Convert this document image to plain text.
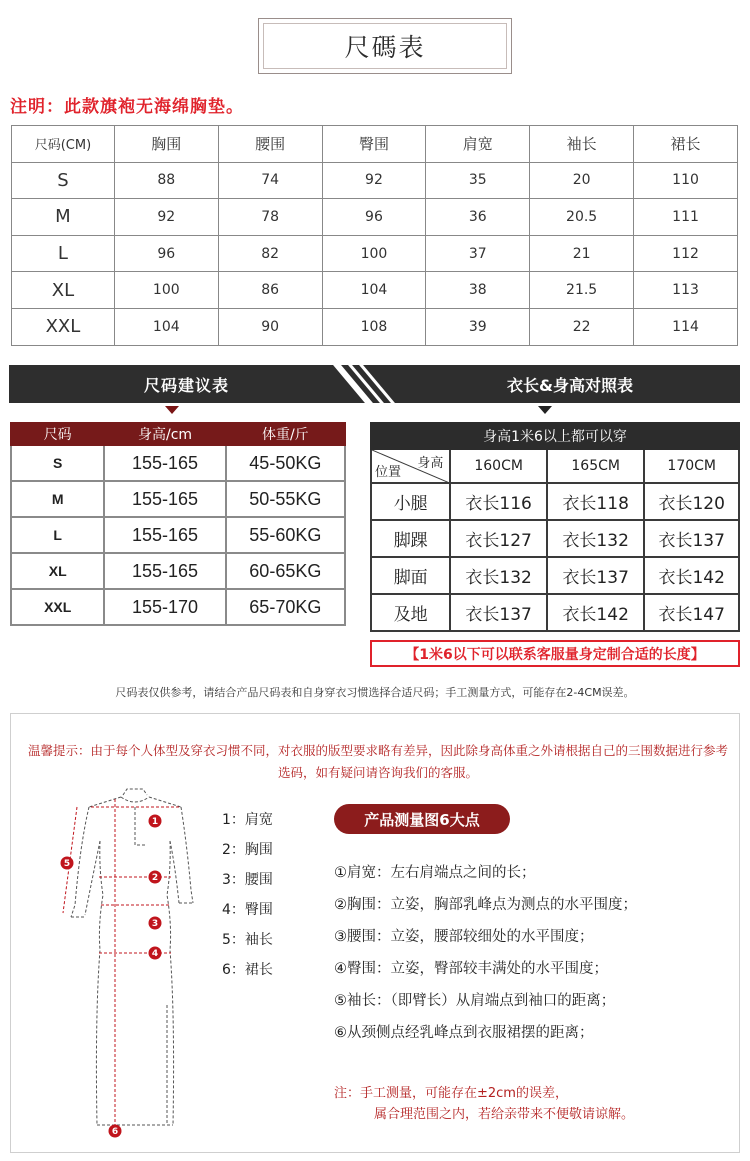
尺碼表
注明：此款旗袍无海绵胸垫。
尺码(CM)	胸围	腰围	臀围	肩宽	袖长	裙长
S	88	74	92	35	20	110
M	92	78	96	36	20.5	111
L	96	82	100	37	21	112
XL	100	86	104	38	21.5	113
XXL	104	90	108	39	22	114
尺码建议表	衣长&身高对照表
尺码	身高/cm	体重/斤
S	155-165	45-50KG
M	155-165	50-55KG
L	155-165	55-60KG
XL	155-165	60-65KG
XXL	155-170	65-70KG
身高1米6以上都可以穿			

身高
位置	160CM	165CM	170CM
小腿	衣长116	衣长118	衣长120
脚踝	衣长127	衣长132	衣长137
脚面	衣长132	衣长137	衣长142
及地	衣长137	衣长142	衣长147
【1米6以下可以联系客服量身定制合适的长度】
尺码表仅供参考，请结合产品尺码表和自身穿衣习惯选择合适尺码；手工测量方式，可能存在2-4CM误差。
温馨提示：由于每个人体型及穿衣习惯不同，对衣服的版型要求略有差异，因此除身高体重之外请根据自己的三围数据进行参考选码，如有疑问请咨询我们的客服。
1
2
3
4
5
6
1：肩宽
2：胸围
3：腰围
4：臀围
5：袖长
6：裙长
产品测量图6大点
①肩宽：左右肩端点之间的长；
②胸围：立姿，胸部乳峰点为测点的水平围度；
③腰围：立姿，腰部较细处的水平围度；
④臀围：立姿，臀部较丰满处的水平围度；
⑤袖长：（即臂长）从肩端点到袖口的距离；
⑥从颈侧点经乳峰点到衣服裙摆的距离；
注：手工测量，可能存在±2cm的误差，
属合理范围之内，若给亲带来不便敬请谅解。
